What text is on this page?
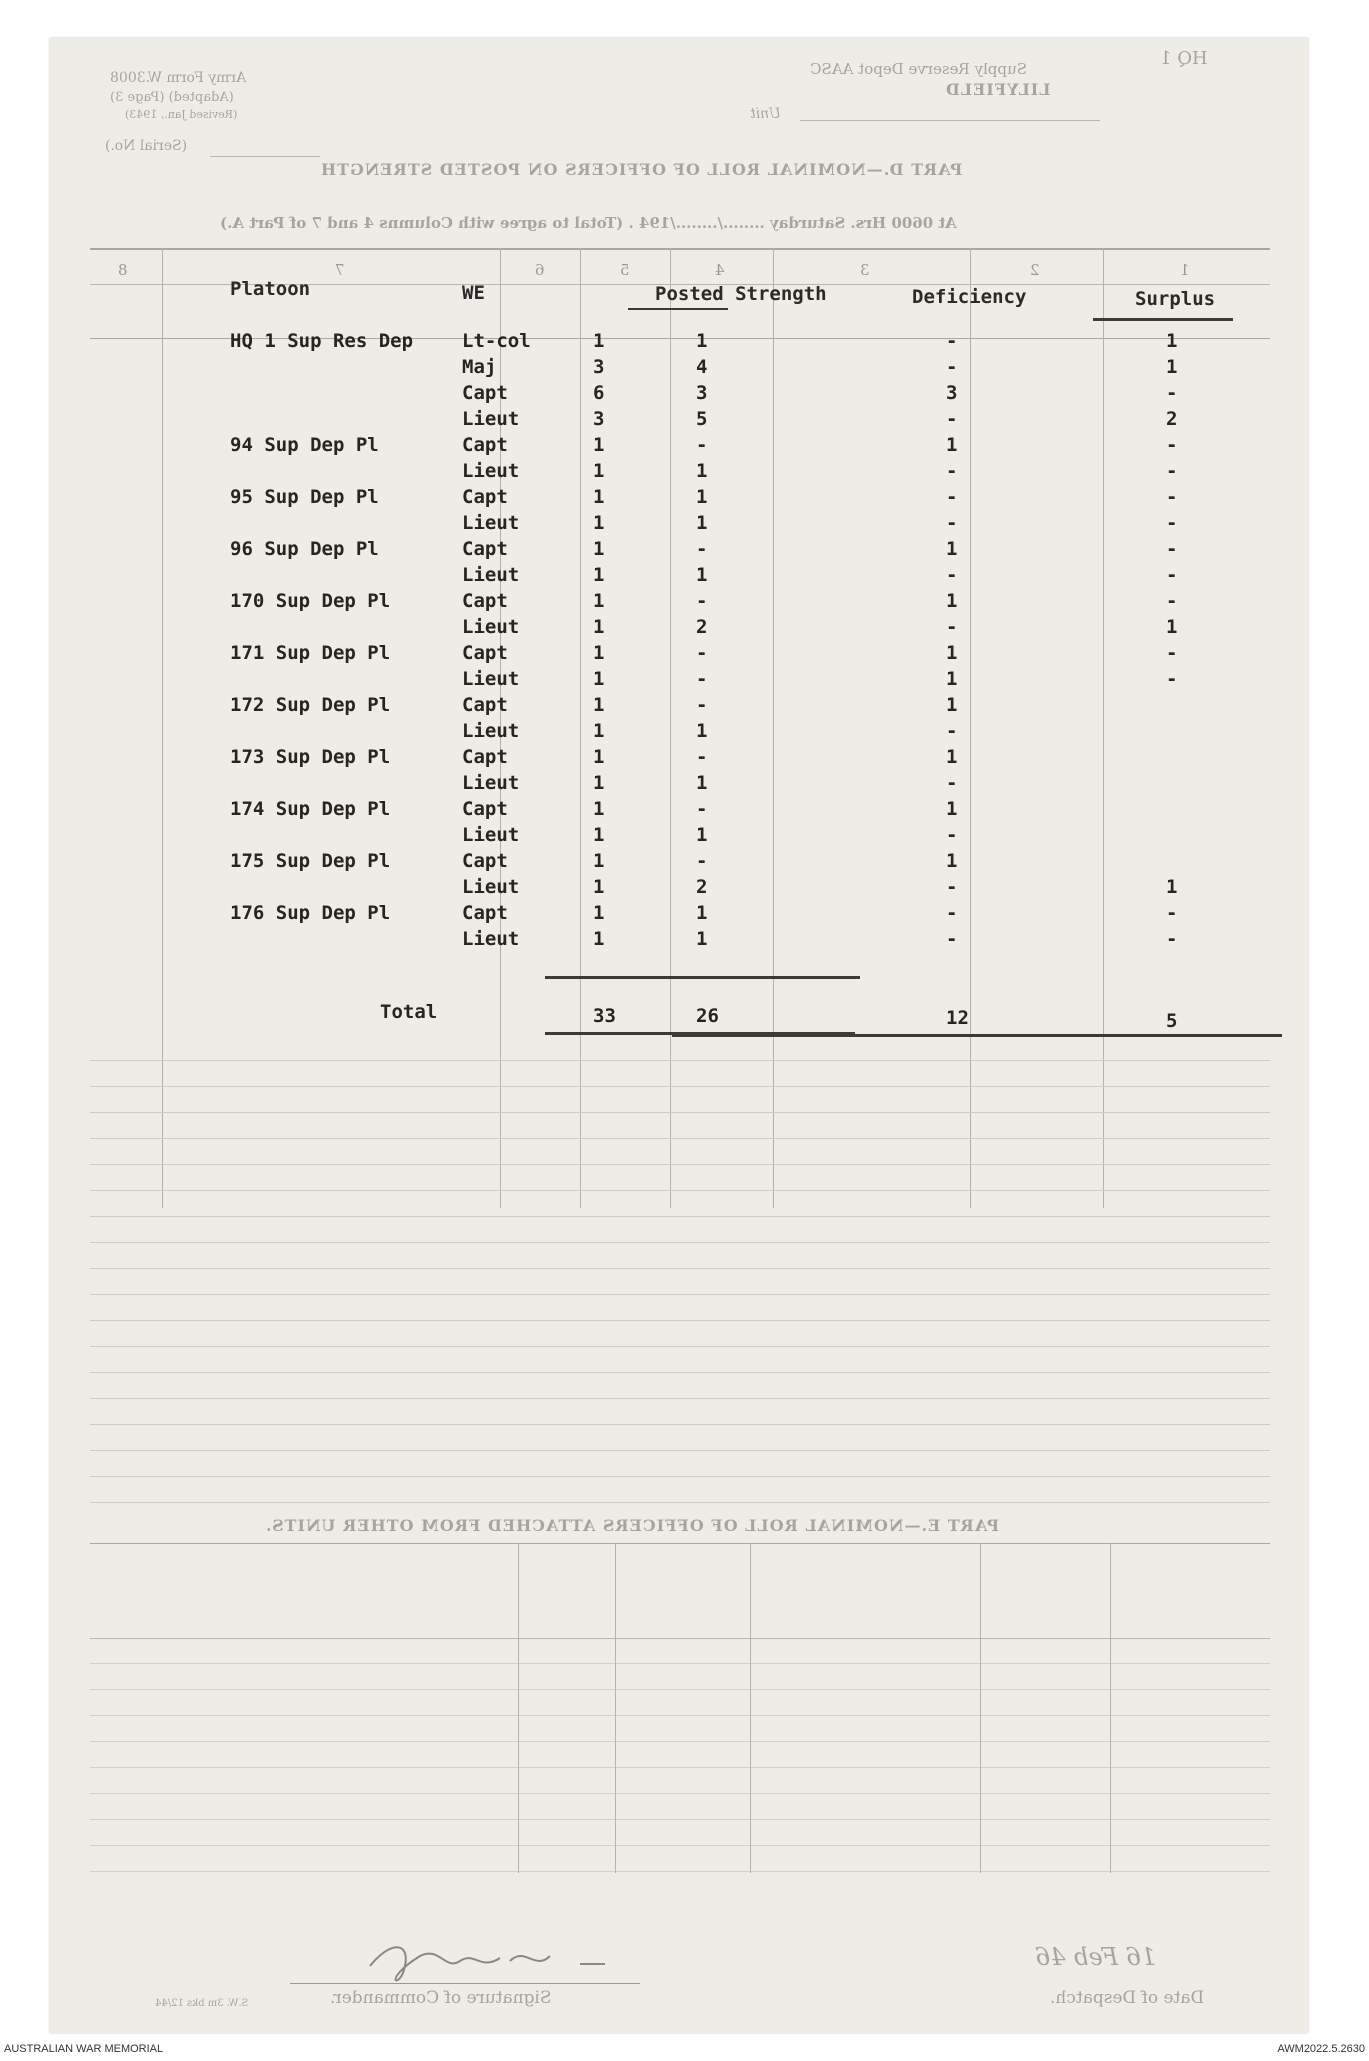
Army Form W.3008
(Adapted) (Page 3)
(Revised Jan., 1943)
(Serial No.)
Supply Reserve Depot AASC
LILYFIELD
HQ 1
Unit
PART D.—NOMINAL ROLL OF OFFICERS ON POSTED STRENGTH
At 0600 Hrs. Saturday ......../......../194 . (Total to agree with Columns 4 and 7 of Part A.)
1
2
3
4
5
6
7
8
Platoon	WE	Posted Strength	Deficiency	Surplus
HQ 1 Sup Res Dep	Lt-col	1	1	-	1
Maj	3	4	-	1
Capt	6	3	3	-
Lieut	3	5	-	2
94 Sup Dep Pl	Capt	1	-	1	-
Lieut	1	1	-	-
95 Sup Dep Pl	Capt	1	1	-	-
Lieut	1	1	-	-
96 Sup Dep Pl	Capt	1	-	1	-
Lieut	1	1	-	-
170 Sup Dep Pl	Capt	1	-	1	-
Lieut	1	2	-	1
171 Sup Dep Pl	Capt	1	-	1	-
Lieut	1	-	1	-
172 Sup Dep Pl	Capt	1	-	1
Lieut	1	1	-
173 Sup Dep Pl	Capt	1	-	1
Lieut	1	1	-
174 Sup Dep Pl	Capt	1	-	1
Lieut	1	1	-
175 Sup Dep Pl	Capt	1	-	1
Lieut	1	2	-	1
176 Sup Dep Pl	Capt	1	1	-	-
Lieut	1	1	-	-
Total	33	26	12	5
PART E.—NOMINAL ROLL OF OFFICERS ATTACHED FROM OTHER UNITS.
Signature of Commander.	Date of Despatch.
16 Feb 46
S.W. 3m bks 12/44
AUSTRALIAN WAR MEMORIAL	AWM2022.5.2630
